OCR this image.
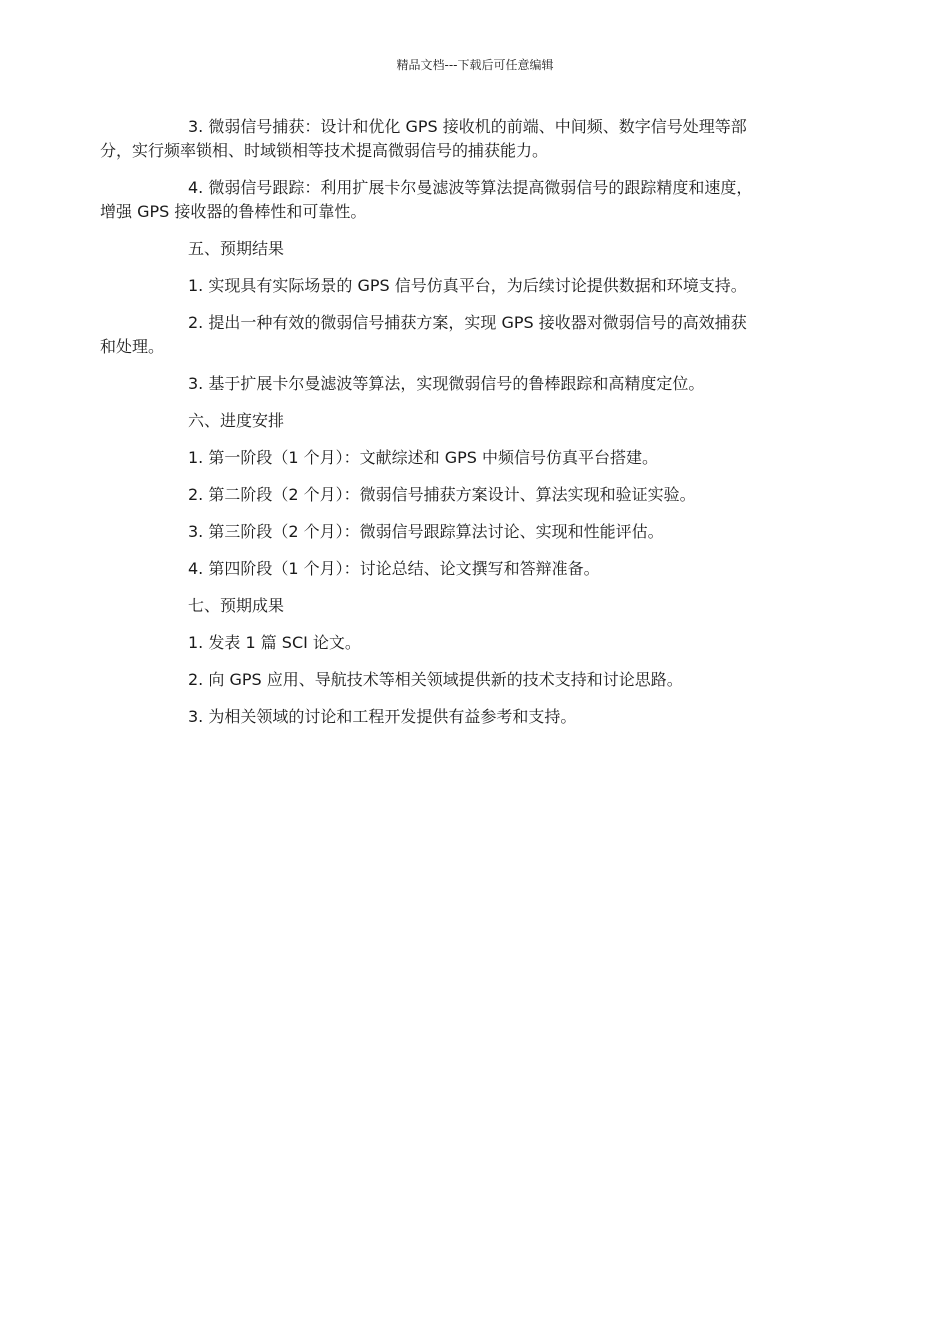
精品文档---下载后可任意编辑

3. 微弱信号捕获：设计和优化 GPS 接收机的前端、中间频、数字信号处理等部
分，实行频率锁相、时域锁相等技术提高微弱信号的捕获能力。

4. 微弱信号跟踪：利用扩展卡尔曼滤波等算法提高微弱信号的跟踪精度和速度，
增强 GPS 接收器的鲁棒性和可靠性。

五、预期结果

1. 实现具有实际场景的 GPS 信号仿真平台，为后续讨论提供数据和环境支持。

2. 提出一种有效的微弱信号捕获方案，实现 GPS 接收器对微弱信号的高效捕获
和处理。

3. 基于扩展卡尔曼滤波等算法，实现微弱信号的鲁棒跟踪和高精度定位。

六、进度安排

1. 第一阶段（1 个月）：文献综述和 GPS 中频信号仿真平台搭建。

2. 第二阶段（2 个月）：微弱信号捕获方案设计、算法实现和验证实验。

3. 第三阶段（2 个月）：微弱信号跟踪算法讨论、实现和性能评估。

4. 第四阶段（1 个月）：讨论总结、论文撰写和答辩准备。

七、预期成果

1. 发表 1 篇 SCI 论文。

2. 向 GPS 应用、导航技术等相关领域提供新的技术支持和讨论思路。

3. 为相关领域的讨论和工程开发提供有益参考和支持。
